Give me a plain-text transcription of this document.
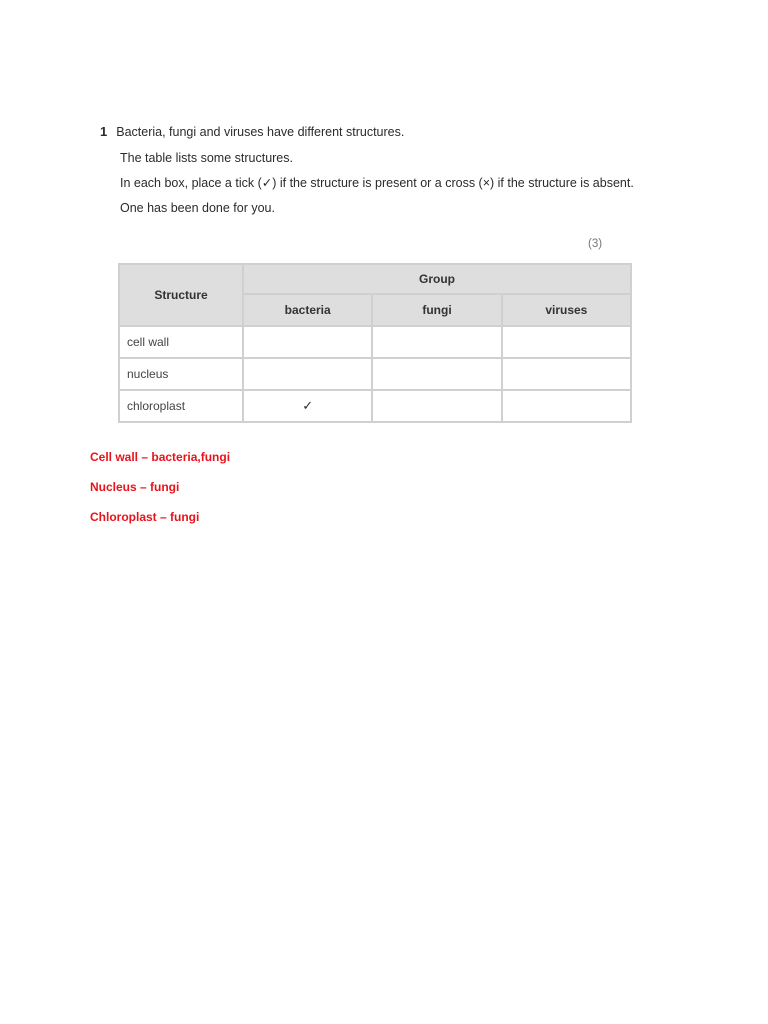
1 Bacteria, fungi and viruses have different structures.
The table lists some structures.
In each box, place a tick (✓) if the structure is present or a cross (×) if the structure is absent.
One has been done for you.
(3)
Structure	Group		
	bacteria	fungi	viruses
cell wall			
nucleus			
chloroplast	✓		

Cell wall – bacteria,fungi

Nucleus – fungi

Chloroplast – fungi
